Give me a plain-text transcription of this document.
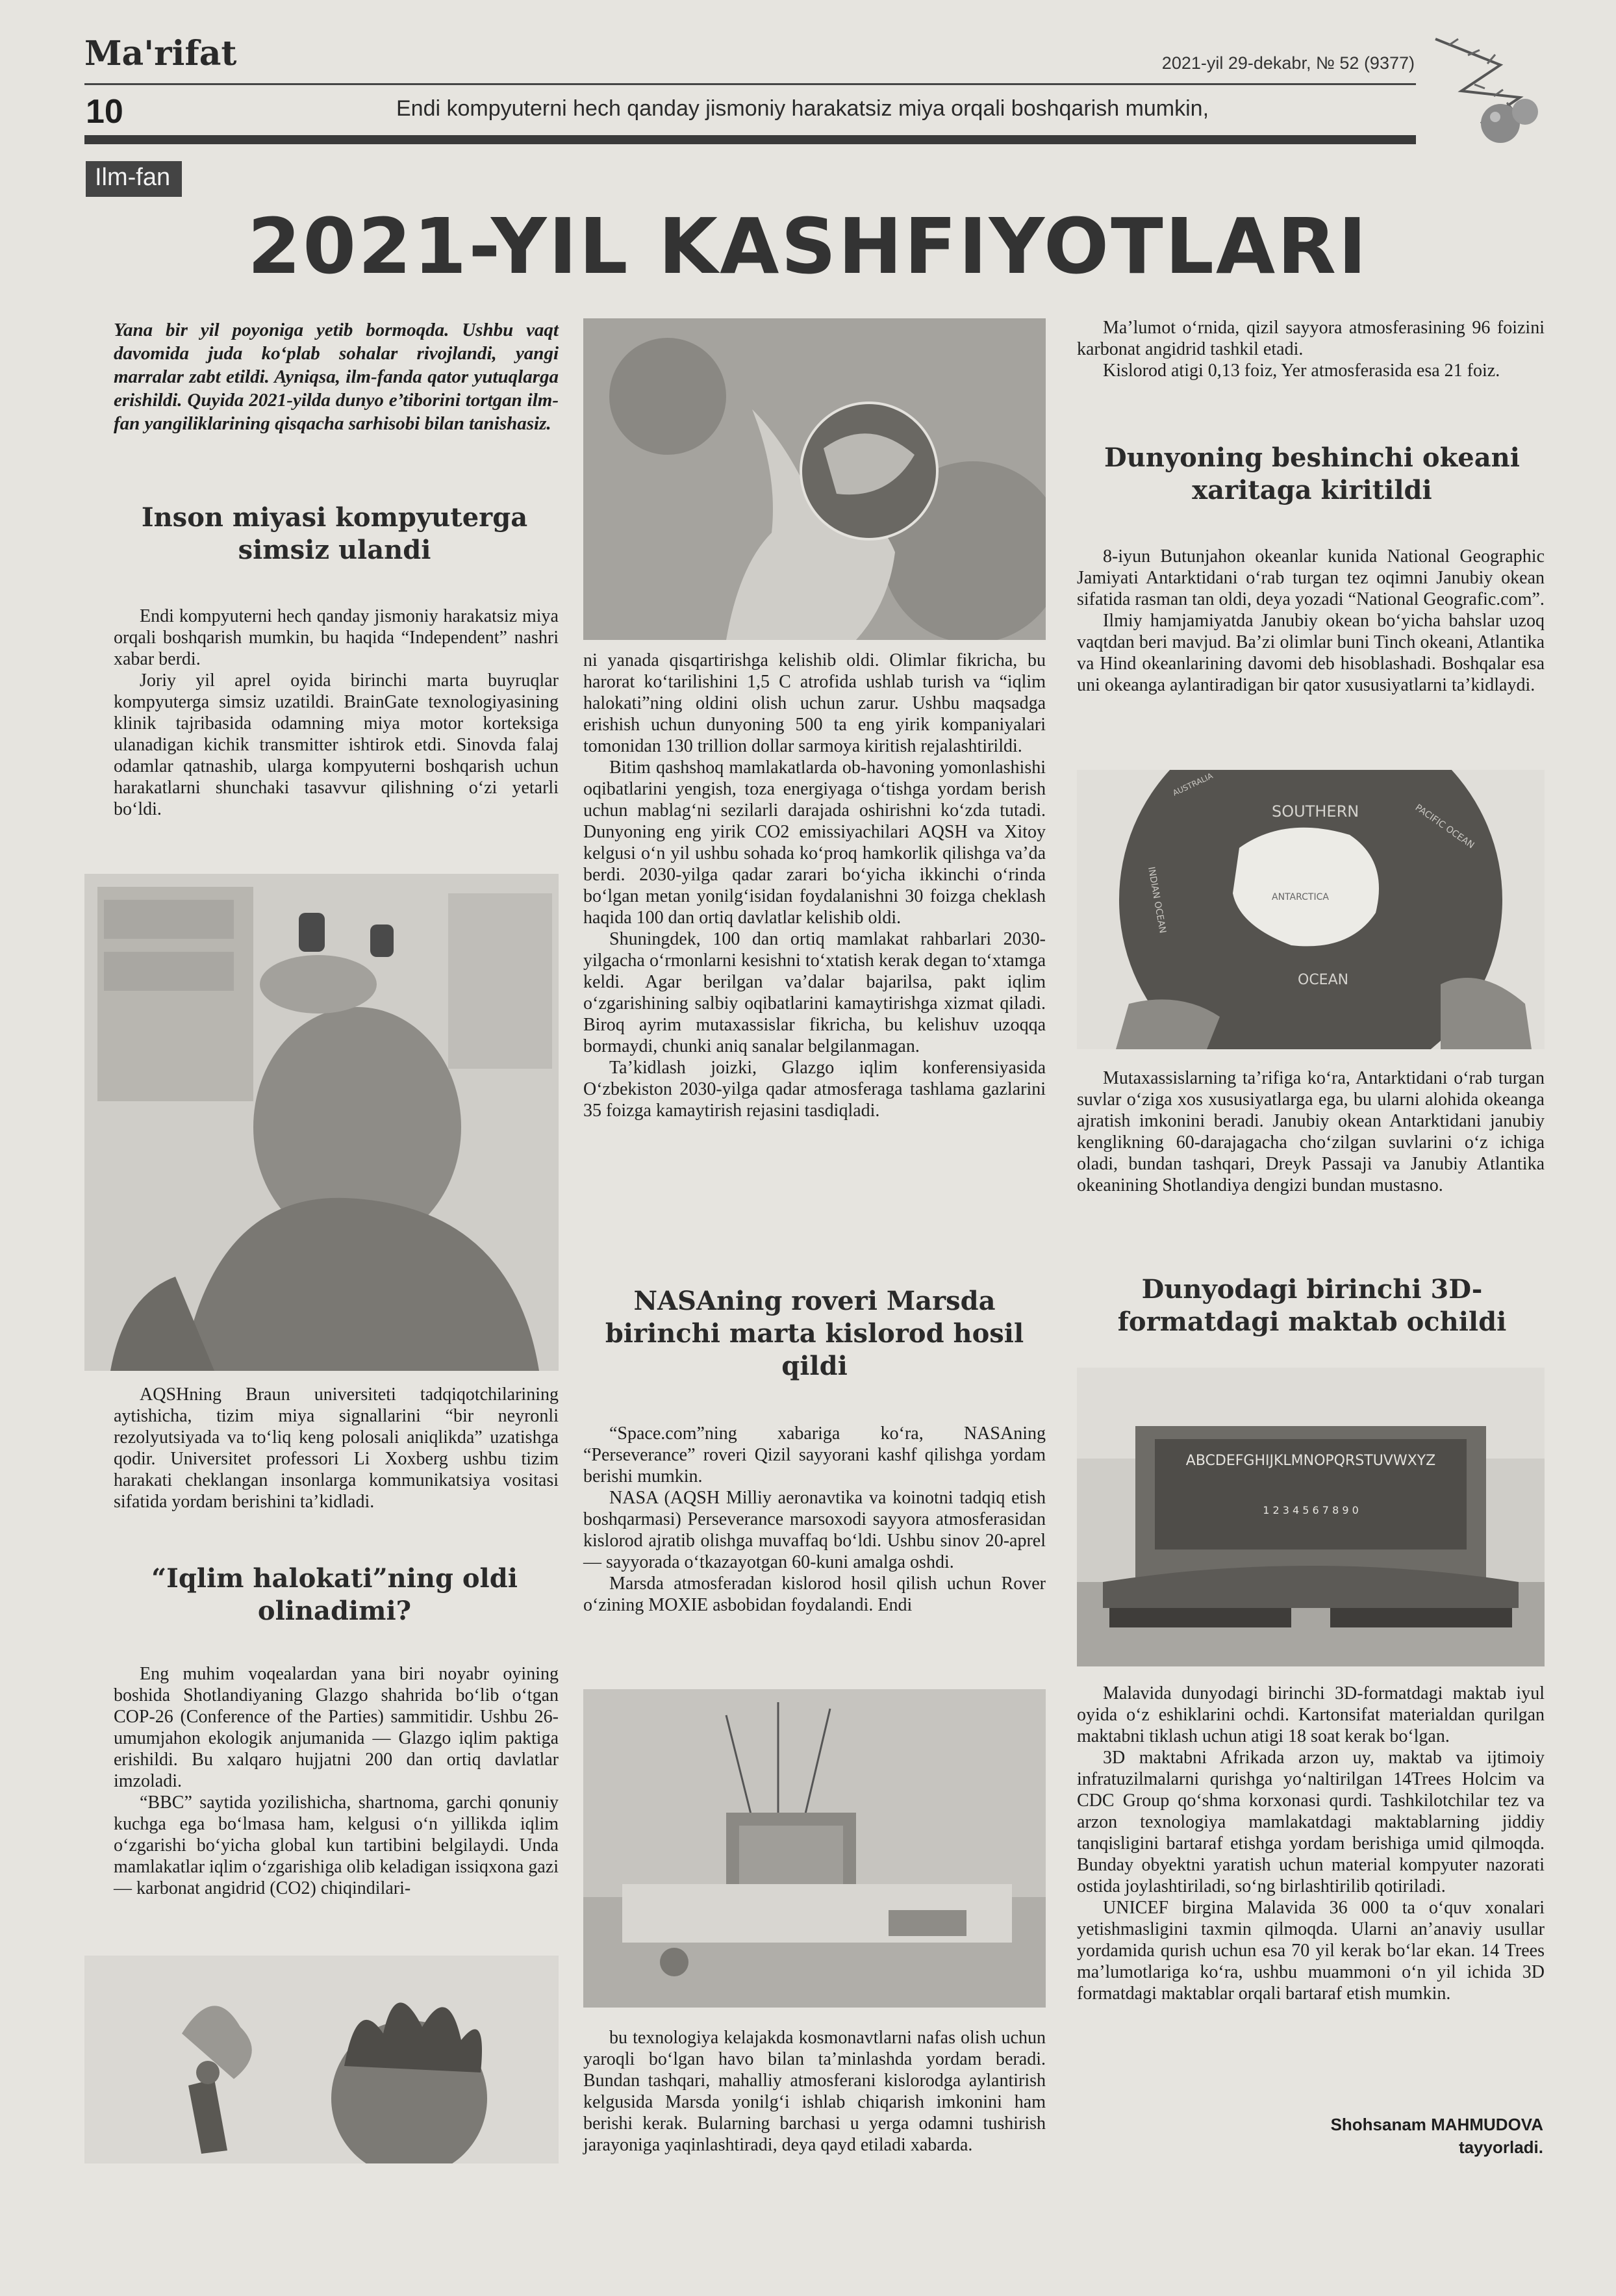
Ma'rifat	2021-yil 29-dekabr, № 52 (9377)
10	Endi kompyuterni hech qanday jismoniy harakatsiz miya orqali boshqarish mumkin,
Ilm-fan
2021-YIL KASHFIYOTLARI
Yana bir yil poyoniga yetib bormoqda. Ushbu vaqt davomida juda ko‘plab sohalar rivojlandi, yangi marralar zabt etildi. Ayniqsa, ilm-fanda qator yutuqlarga erishildi. Quyida 2021-yilda dunyo e’tiborini tortgan ilm-fan yangiliklarining qisqacha sarhisobi bilan tanishasiz.
Inson miyasi kompyuterga simsiz ulandi

Endi kompyuterni hech qanday jismoniy harakatsiz miya orqali boshqarish mumkin, bu haqida “Independent” nashri xabar berdi.

Joriy yil aprel oyida birinchi marta buyruqlar kompyuterga simsiz uzatildi. BrainGate texnologiyasining klinik tajribasida odamning miya motor korteksiga ulanadigan kichik transmitter ishtirok etdi. Sinovda falaj odamlar qatnashib, ularga kompyuterni boshqarish uchun harakatlarni shunchaki tasavvur qilishning o‘zi yetarli bo‘ldi.

AQSHning Braun universiteti tadqiqotchilarining aytishicha, tizim miya signallarini “bir neyronli rezolyutsiyada va to‘liq keng polosali aniqlikda” uzatishga qodir. Universitet professori Li Xoxberg ushbu tizim harakati cheklangan insonlarga kommunikatsiya vositasi sifatida yordam berishini ta’kidladi.

“Iqlim halokati”ning oldi olinadimi?

Eng muhim voqealardan yana biri noyabr oyining boshida Shotlandiyaning Glazgo shahrida bo‘lib o‘tgan COP-26 (Conference of the Parties) sammitidir. Ushbu 26-umumjahon ekologik anjumanida — Glazgo iqlim paktiga erishildi. Bu xalqaro hujjatni 200 dan ortiq davlatlar imzoladi.

“BBC” saytida yozilishicha, shartnoma, garchi qonuniy kuchga ega bo‘lmasa ham, kelgusi o‘n yillikda iqlim o‘zgarishi bo‘yicha global kun tartibini belgilaydi. Unda mamlakatlar iqlim o‘zgarishiga olib keladigan issiqxona gazi — karbonat angidrid (CO2) chiqindilari-

ni yanada qisqartirishga kelishib oldi. Olimlar fikricha, bu harorat ko‘tarilishini 1,5 C atrofida ushlab turish va “iqlim halokati”ning oldini olish uchun zarur. Ushbu maqsadga erishish uchun dunyoning 500 ta eng yirik kompaniyalari tomonidan 130 trillion dollar sarmoya kiritish rejalashtirildi.

Bitim qashshoq mamlakatlarda ob-havoning yomonlashishi oqibatlarini yengish, toza energiyaga o‘tishga yordam berish uchun mablag‘ni sezilarli darajada oshirishni ko‘zda tutadi. Dunyoning eng yirik CO2 emissiyachilari AQSH va Xitoy kelgusi o‘n yil ushbu sohada ko‘proq hamkorlik qilishga va’da berdi. 2030-yilga qadar zarari bo‘yicha ikkinchi o‘rinda bo‘lgan metan yonilg‘isidan foydalanishni 30 foizga cheklash haqida 100 dan ortiq davlatlar kelishib oldi.

Shuningdek, 100 dan ortiq mamlakat rahbarlari 2030-yilgacha o‘rmonlarni kesishni to‘xtatish kerak degan to‘xtamga keldi. Agar berilgan va’dalar bajarilsa, pakt iqlim o‘zgarishining salbiy oqibatlarini kamaytirishga xizmat qiladi. Biroq ayrim mutaxassislar fikricha, bu kelishuv uzoqqa bormaydi, chunki aniq sanalar belgilanmagan.

Ta’kidlash joizki, Glazgo iqlim konferensiyasida O‘zbekiston 2030-yilga qadar atmosferaga tashlama gazlarini 35 foizga kamaytirish rejasini tasdiqladi.

NASAning roveri Marsda birinchi marta kislorod hosil qildi

“Space.com”ning xabariga ko‘ra, NASAning “Perseverance” roveri Qizil sayyorani kashf qilishga yordam berishi mumkin.

NASA (AQSH Milliy aeronavtika va koinotni tadqiq etish boshqarmasi) Perseverance marsoxodi sayyora atmosferasidan kislorod ajratib olishga muvaffaq bo‘ldi. Ushbu sinov 20-aprel — sayyorada o‘tkazayotgan 60-kuni amalga oshdi.

Marsda atmosferadan kislorod hosil qilish uchun Rover o‘zining MOXIE asbobidan foydalandi. Endi

bu texnologiya kelajakda kosmonavtlarni nafas olish uchun yaroqli bo‘lgan havo bilan ta’minlashda yordam beradi. Bundan tashqari, mahalliy atmosferani kislorodga aylantirish kelgusida Marsda yonilg‘i ishlab chiqarish imkonini ham berishi kerak. Bularning barchasi u yerga odamni tushirish jarayoniga yaqinlashtiradi, deya qayd etiladi xabarda.

Ma’lumot o‘rnida, qizil sayyora atmosferasining 96 foizini karbonat angidrid tashkil etadi.

Kislorod atigi 0,13 foiz, Yer atmosferasida esa 21 foiz.

Dunyoning beshinchi okeani xaritaga kiritildi

8-iyun Butunjahon okeanlar kunida National Geographic Jamiyati Antarktidani o‘rab turgan tez oqimni Janubiy okean sifatida rasman tan oldi, deya yozadi “National Geografic.com”.

Ilmiy hamjamiyatda Janubiy okean bo‘yicha bahslar uzoq vaqtdan beri mavjud. Ba’zi olimlar buni Tinch okeani, Atlantika va Hind okeanlarining davomi deb hisoblashadi. Boshqalar esa uni okeanga aylantiradigan bir qator xususiyatlarni ta’kidlaydi.

SOUTHERN
OCEAN
ANTARCTICA
PACIFIC OCEAN
INDIAN OCEAN
AUSTRALIA

Mutaxassislarning ta’rifiga ko‘ra, Antarktidani o‘rab turgan suvlar o‘ziga xos xususiyatlarga ega, bu ularni alohida okeanga ajratish imkonini beradi. Janubiy okean Antarktidani janubiy kenglikning 60-darajagacha cho‘zilgan suvlarini o‘z ichiga oladi, bundan tashqari, Dreyk Passaji va Janubiy Atlantika okeanining Shotlandiya dengizi bundan mustasno.

Dunyodagi birinchi 3D-formatdagi maktab ochildi
ABCDEFGHIJKLMNOPQRSTUVWXYZ
1 2 3 4 5 6 7 8 9 0

Malavida dunyodagi birinchi 3D-formatdagi maktab iyul oyida o‘z eshiklarini ochdi. Kartonsifat materialdan qurilgan maktabni tiklash uchun atigi 18 soat kerak bo‘lgan.

3D maktabni Afrikada arzon uy, maktab va ijtimoiy infratuzilmalarni qurishga yo‘naltirilgan 14Trees Holcim va CDC Group qo‘shma korxonasi qurdi. Tashkilotchilar tez va arzon texnologiya mamlakatdagi maktablarning jiddiy tanqisligini bartaraf etishga yordam berishiga umid qilmoqda. Bunday obyektni yaratish uchun material kompyuter nazorati ostida joylashtiriladi, so‘ng birlashtirilib qotiriladi.

UNICEF birgina Malavida 36 000 ta o‘quv xonalari yetishmasligini taxmin qilmoqda. Ularni an’anaviy usullar yordamida qurish uchun esa 70 yil kerak bo‘lar ekan. 14 Trees ma’lumotlariga ko‘ra, ushbu muammoni o‘n yil ichida 3D formatdagi maktablar orqali bartaraf etish mumkin.

Shohsanam MAHMUDOVA
tayyorladi.
